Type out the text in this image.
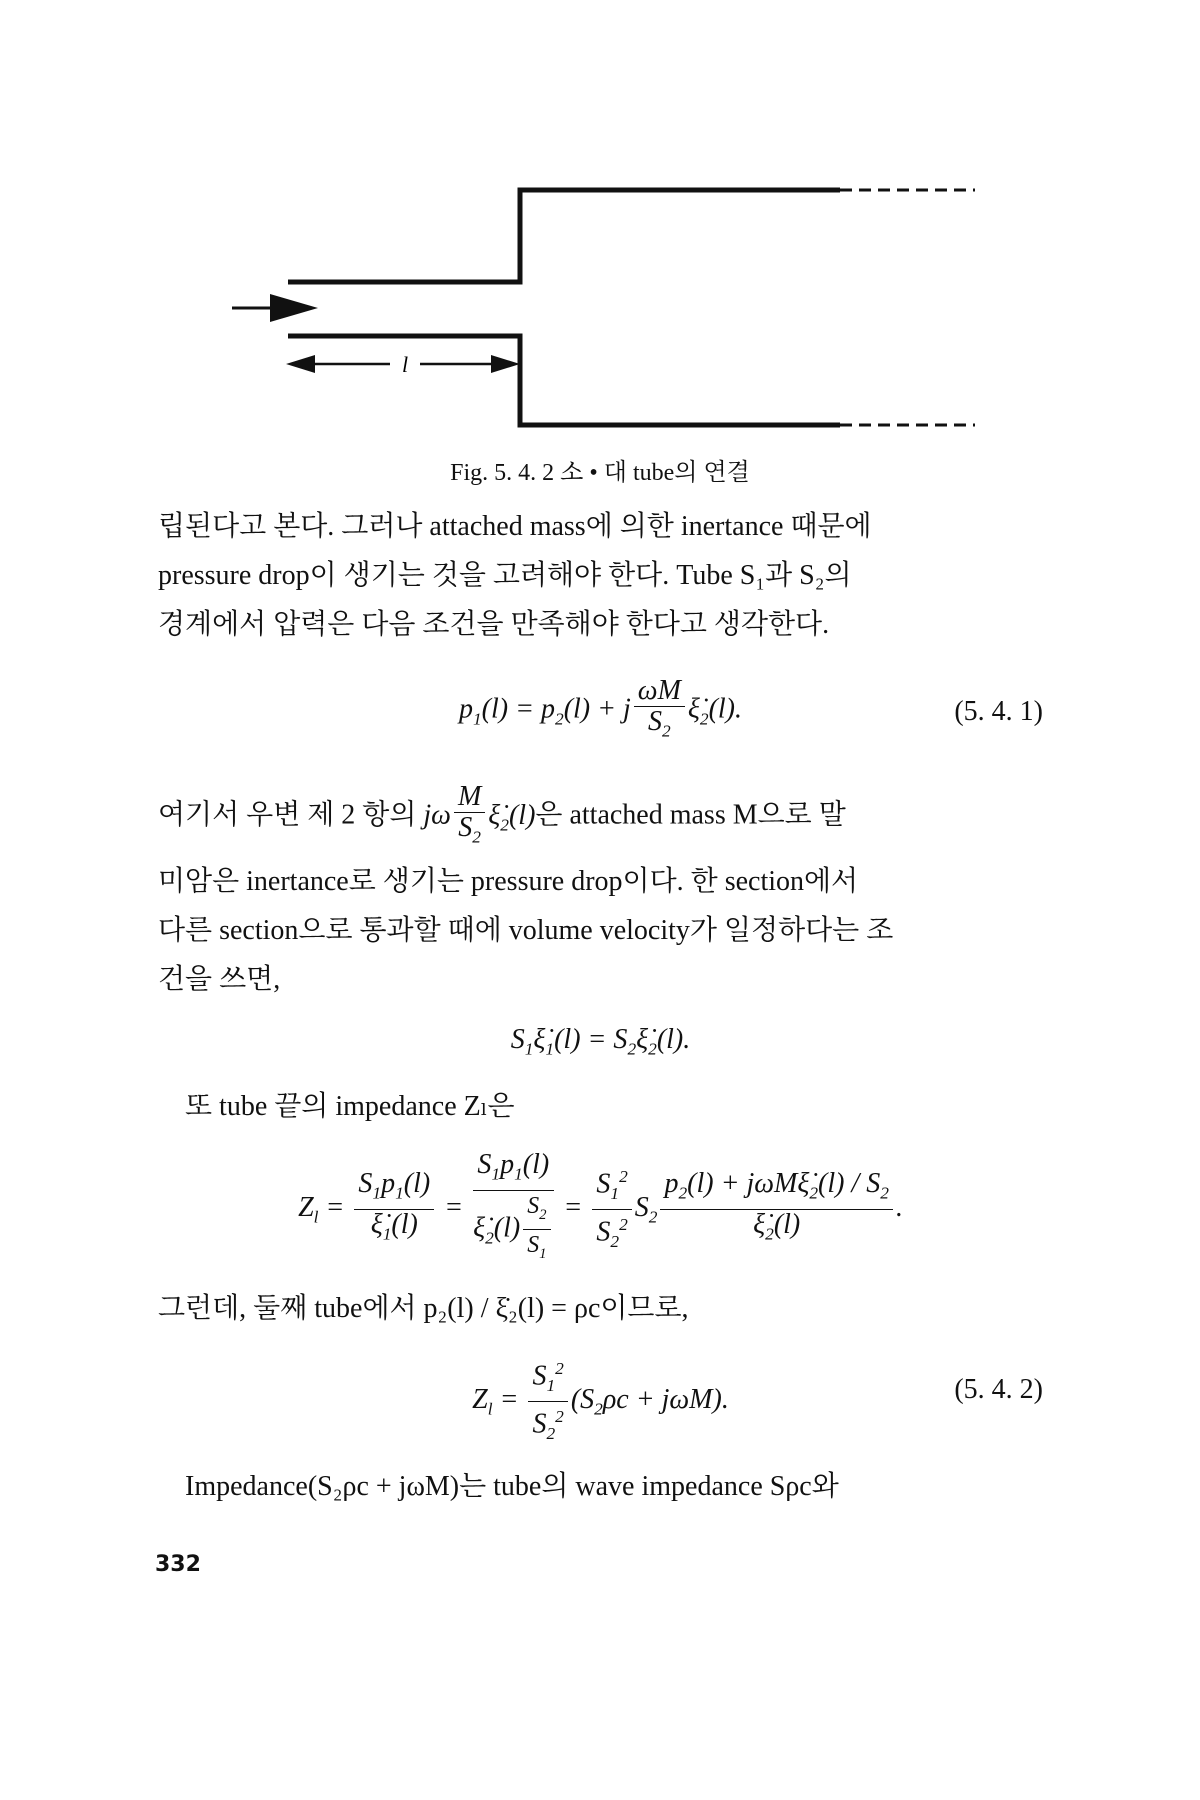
l
Fig. 5. 4. 2 소 • 대 tube의 연결
립된다고 본다. 그러나 attached mass에 의한 inertance 때문에
pressure drop이 생기는 것을 고려해야 한다. Tube S₁과 S₂의
경계에서 압력은 다음 조건을 만족해야 한다고 생각한다.
$p_1(l) = p_2(l) + j \frac{\omega M}{S_2}$ $\xi̇_2(l)$.	(5. 4. 1)
여기서 우변 제 2 항의 jω $\frac{M}{S_2}$ $\xi̇_2(l)$은 attached mass M으로 말
미암은 inertance로 생기는 pressure drop이다. 한 section에서
다른 section으로 통과할 때에 volume velocity가 일정하다는 조
건을 쓰면,
$S_1\xi̇_1(l)$ = $S_2\xi̇_2(l)$.
또 tube 끝의 impedance Zₗ은
$Z_l = \frac{S_1p_1(l)}{\xi̇_1(l)} = \frac{S_1p_1(l)}{\xi̇_2(l) \frac{S_2}{S_1}} = \frac{S_1^2}{S_2^2} S_2 \frac{p_2(l) + j\omega M\xi̇_2(l) / S_2}{\xi̇_2(l)}$ .
그런데, 둘째 tube에서 p₂(l) / ξ̇₂(l) = ρc이므로,
$Z_l = \frac{S_1^2}{S_2^2} (S_2\rho c + j\omega M)$.	(5. 4. 2)
Impedance(S₂ρc + jωM)는 tube의 wave impedance Sρc와
332
